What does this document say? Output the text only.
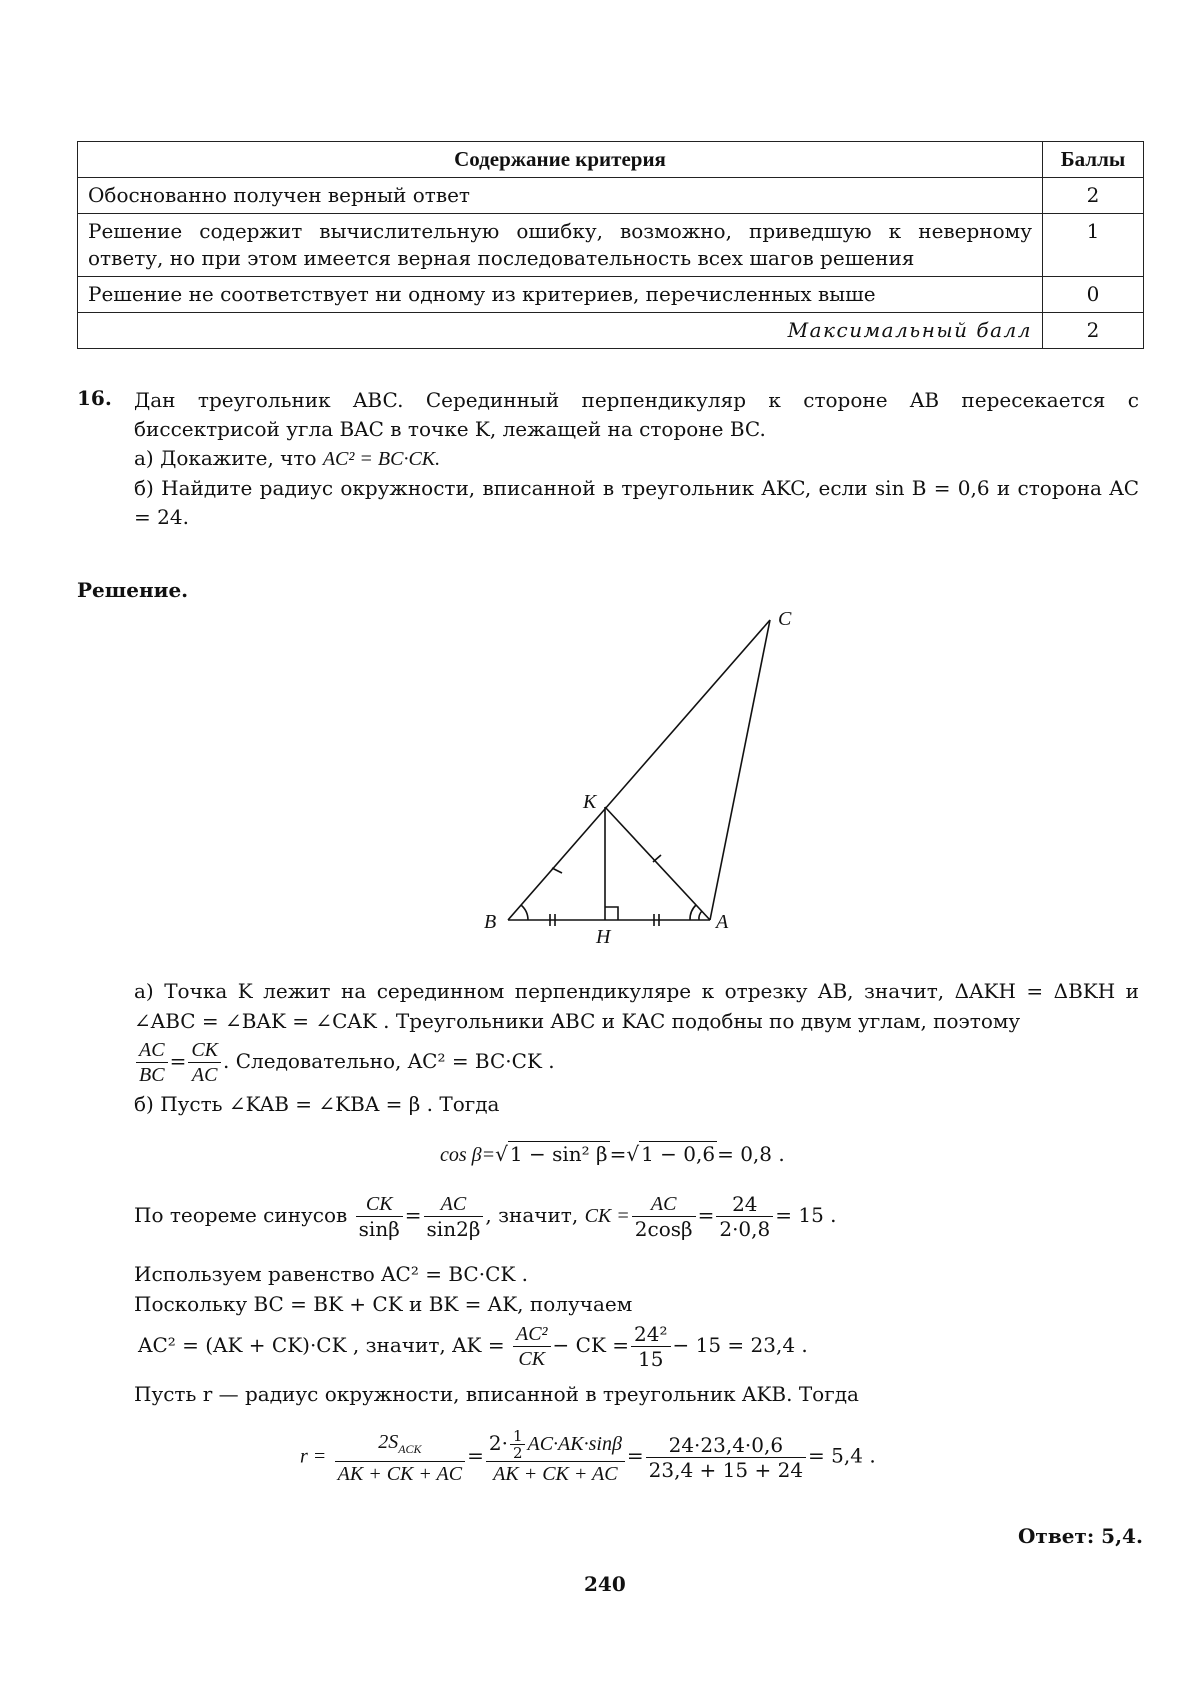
Содержание критерия	Баллы
Обоснованно получен верный ответ	2
Решение содержит вычислительную ошибку, возможно, приведшую к неверному ответу, но при этом имеется верная последовательность всех шагов решения	1
Решение не соответствует ни одному из критериев, перечисленных выше	0
Максимальный балл	2
16. Дан треугольник ABC. Серединный перпендикуляр к стороне AB пересекается с биссектрисой угла BAC в точке K, лежащей на стороне BC.

а) Докажите, что AC² = BC·CK.

б) Найдите радиус окружности, вписанной в треугольник AKC, если sin B = 0,6 и сторона AC = 24.

Решение.
C
K
B	A
H

а) Точка K лежит на серединном перпендикуляре к отрезку AB, значит, ΔAKH = ΔBKH и ∠ABC = ∠BAK = ∠CAK . Треугольники ABC и KAC подобны по двум углам, поэтому

$\frac{AC}{BC} = \frac{CK}{AC}$ . Следовательно, AC² = BC·CK .

б) Пусть ∠KAB = ∠KBA = β . Тогда

cos β=√ 1 − sin² β =√ 1 − 0,6 = 0,8 .
По теореме синусов $\frac{CK}{\sin\beta} = \frac{AC}{\sin 2\beta}$ , значит, CK = $\frac{AC}{2\cos\beta} = \frac{24}{2\cdot 0,8} = 15$ .
Используем равенство AC² = BC·CK .
Поскольку BC = BK + CK и BK = AK, получаем
AC² = (AK + CK)·CK , значит, AK = $\frac{\text{AC²}}{CK}$ − CK = $\frac{\text{24²}}{15} - 15 = 23,4$ .
Пусть r — радиус окружности, вписанной в треугольник AKB. Тогда
$r = \frac{2S_{ACK}}{AK + CK + AC} = \frac{2\cdot \frac{1}{2} AC\cdot AK\cdot\sin\beta}{AK + CK + AC} = \frac{24\cdot 23,4\cdot 0,6}{23,4 + 15 + 24} = 5,4$ .
Ответ: 5,4.
240
